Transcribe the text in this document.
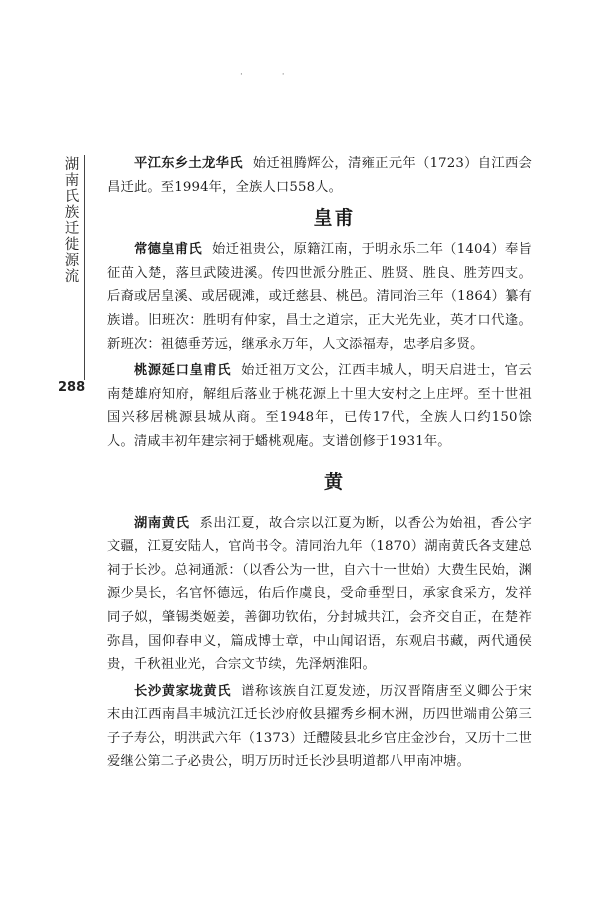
· ·
湖南氏族迁徙源流
288

平江东乡土龙华氏 始迁祖腾辉公，清雍正元年（1723）自江西会昌迁此。至1994年，全族人口558人。

皇甫

常德皇甫氏 始迁祖贵公，原籍江南，于明永乐二年（1404）奉旨征苗入楚，落旦武陵进溪。传四世派分胜正、胜贤、胜良、胜芳四支。后裔或居皇溪、或居砚滩，或迁慈县、桃邑。清同治三年（1864）纂有族谱。旧班次：胜明有仲家，昌士之道宗，正大光先业，英才口代逢。新班次：祖德垂芳远，继承永万年，人文添福寿，忠孝启多贤。

桃源延口皇甫氏 始迁祖万文公，江西丰城人，明天启进士，官云南楚雄府知府，解组后落业于桃花源上十里大安村之上庄坪。至十世祖国兴移居桃源县城从商。至1948年，已传17代，全族人口约150馀人。清咸丰初年建宗祠于蟠桃观庵。支谱创修于1931年。

黄

湖南黄氏 系出江夏，故合宗以江夏为断，以香公为始祖，香公字文疆，江夏安陆人，官尚书令。清同治九年（1870）湖南黄氏各支建总祠于长沙。总祠通派：（以香公为一世，自六十一世始）大费生民始，渊源少昊长，名官怀德远，佑后作虞良，受命垂型日，承家食采方，发祥同子姒，肇锡类姬姜，善御功钦佑，分封城共江，会齐交自正，在楚祚弥昌，国仰春申义，篇成博士章，中山闻诏语，东观启书藏，两代通侯贵，千秋祖业光，合宗文节续，先泽炳淮阳。

长沙黄家垅黄氏 谱称该族自江夏发迹，历汉晋隋唐至义卿公于宋末由江西南昌丰城沆江迁长沙府攸县擢秀乡桐木洲，历四世端甫公第三子子寿公，明洪武六年（1373）迁醴陵县北乡官庄金沙台，又历十二世爱继公第二子必贵公，明万历时迁长沙县明道都八甲南冲塘。
